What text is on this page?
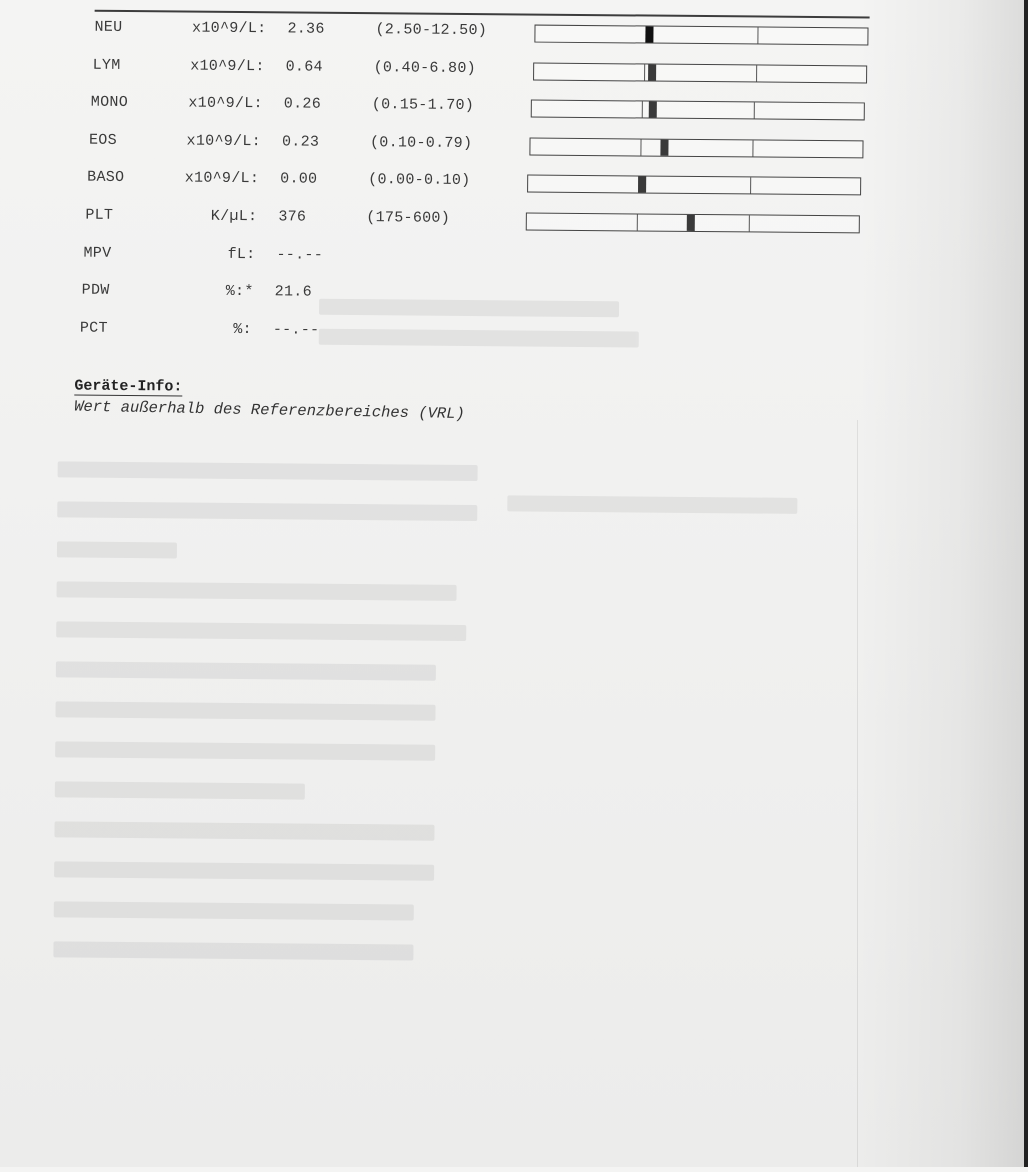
NEU	x10^9/L: 2.36	(2.50-12.50)
LYM	x10^9/L: 0.64	(0.40-6.80)
MONO	x10^9/L: 0.26	(0.15-1.70)
EOS	x10^9/L: 0.23	(0.10-0.79)
BASO	x10^9/L: 0.00	(0.00-0.10)
PLT	K/µL: 376	(175-600)
MPV	fL: --.--
PDW	%:* 21.6
PCT	%: --.--
Geräte-Info:
Wert außerhalb des Referenzbereiches (VRL)
